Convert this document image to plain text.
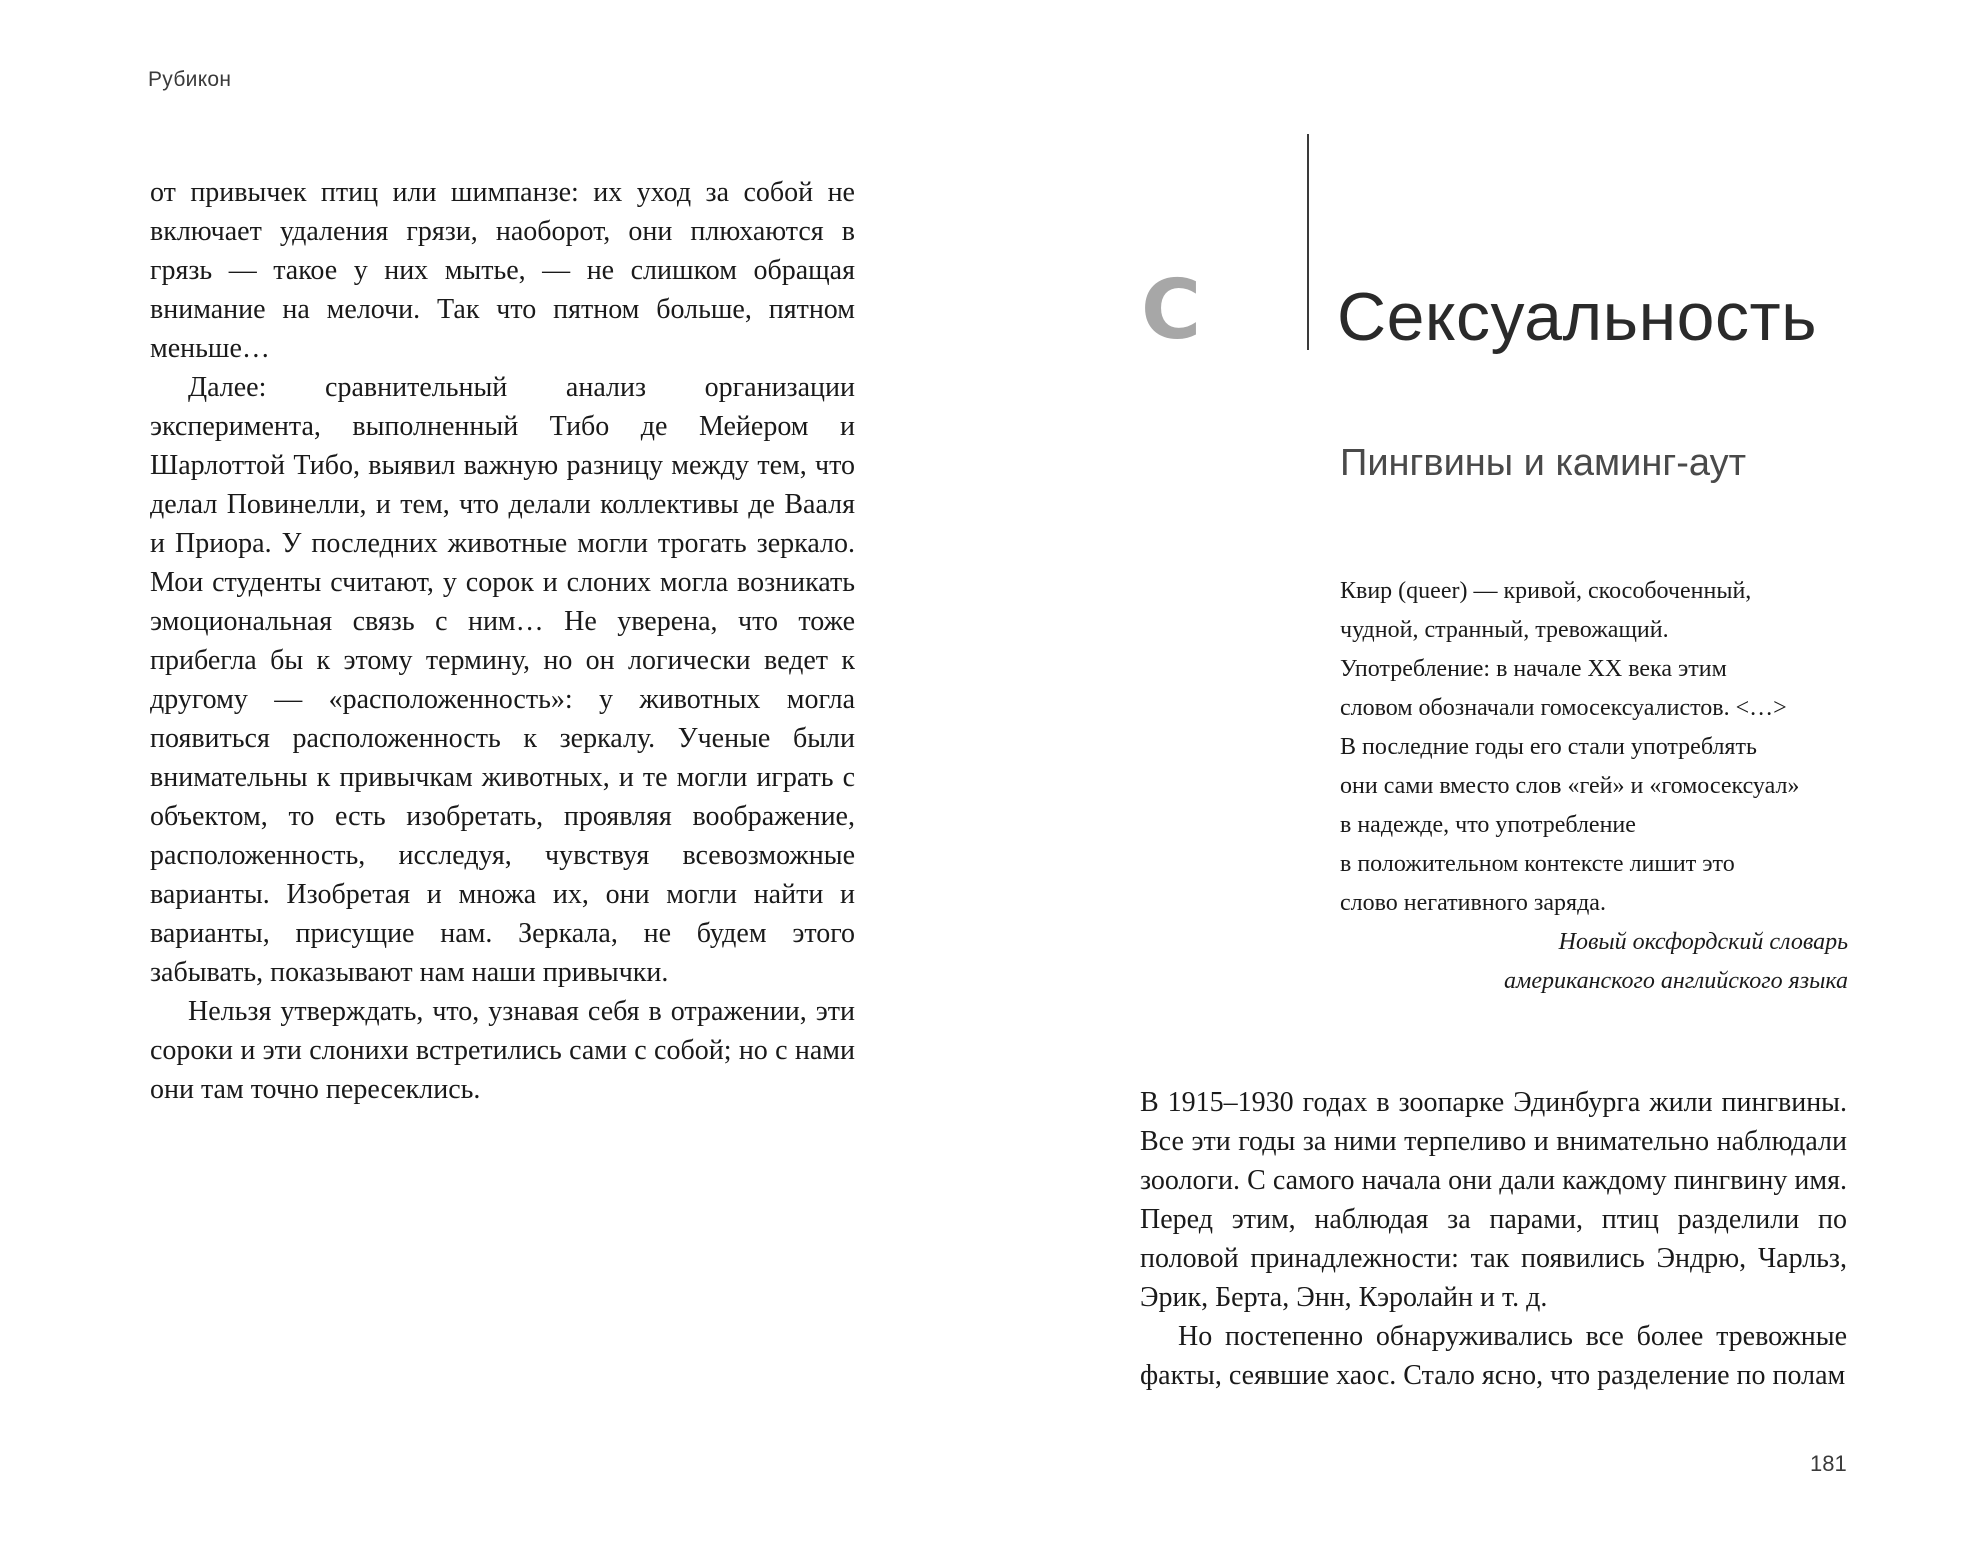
Рубикон

от привычек птиц или шимпанзе: их уход за собой не включает удаления грязи, наоборот, они плюхаются в грязь — такое у них мытье, — не слишком обращая внимание на мелочи. Так что пятном больше, пятном меньше…

Далее: сравнительный анализ организации эксперимента, выполненный Тибо де Мейером и Шарлоттой Тибо, выявил важную разницу между тем, что делал Повинелли, и тем, что делали коллективы де Вааля и Приора. У последних животные могли трогать зеркало. Мои студенты считают, у сорок и слоних могла возникать эмоциональная связь с ним… Не уверена, что тоже прибегла бы к этому термину, но он логически ведет к другому — «расположенность»: у животных могла появиться расположенность к зеркалу. Ученые были внимательны к привычкам животных, и те могли играть с объектом, то есть изобретать, проявляя воображение, расположенность, исследуя, чувствуя всевозможные варианты. Изобретая и множа их, они могли найти и варианты, присущие нам. Зеркала, не будем этого забывать, показывают нам наши привычки.

Нельзя утверждать, что, узнавая себя в отражении, эти сороки и эти слонихи встретились сами с собой; но с нами они там точно пересеклись.

С Сексуальность
Пингвины и каминг-аут
Квир (queer) — кривой, скособоченный,
чудной, странный, тревожащий.
Употребление: в начале XX века этим
словом обозначали гомосексуалистов. <…>
В последние годы его стали употреблять
они сами вместо слов «гей» и «гомосексуал»
в надежде, что употребление
в положительном контексте лишит это
слово негативного заряда.
Новый оксфордский словарь
американского английского языка

В 1915–1930 годах в зоопарке Эдинбурга жили пингвины. Все эти годы за ними терпеливо и внимательно наблюдали зоологи. С самого начала они дали каждому пингвину имя. Перед этим, наблюдая за парами, птиц разделили по половой принадлежности: так появились Эндрю, Чарльз, Эрик, Берта, Энн, Кэролайн и т. д.

Но постепенно обнаруживались все более тревожные факты, сеявшие хаос. Стало ясно, что разделение по полам

181
